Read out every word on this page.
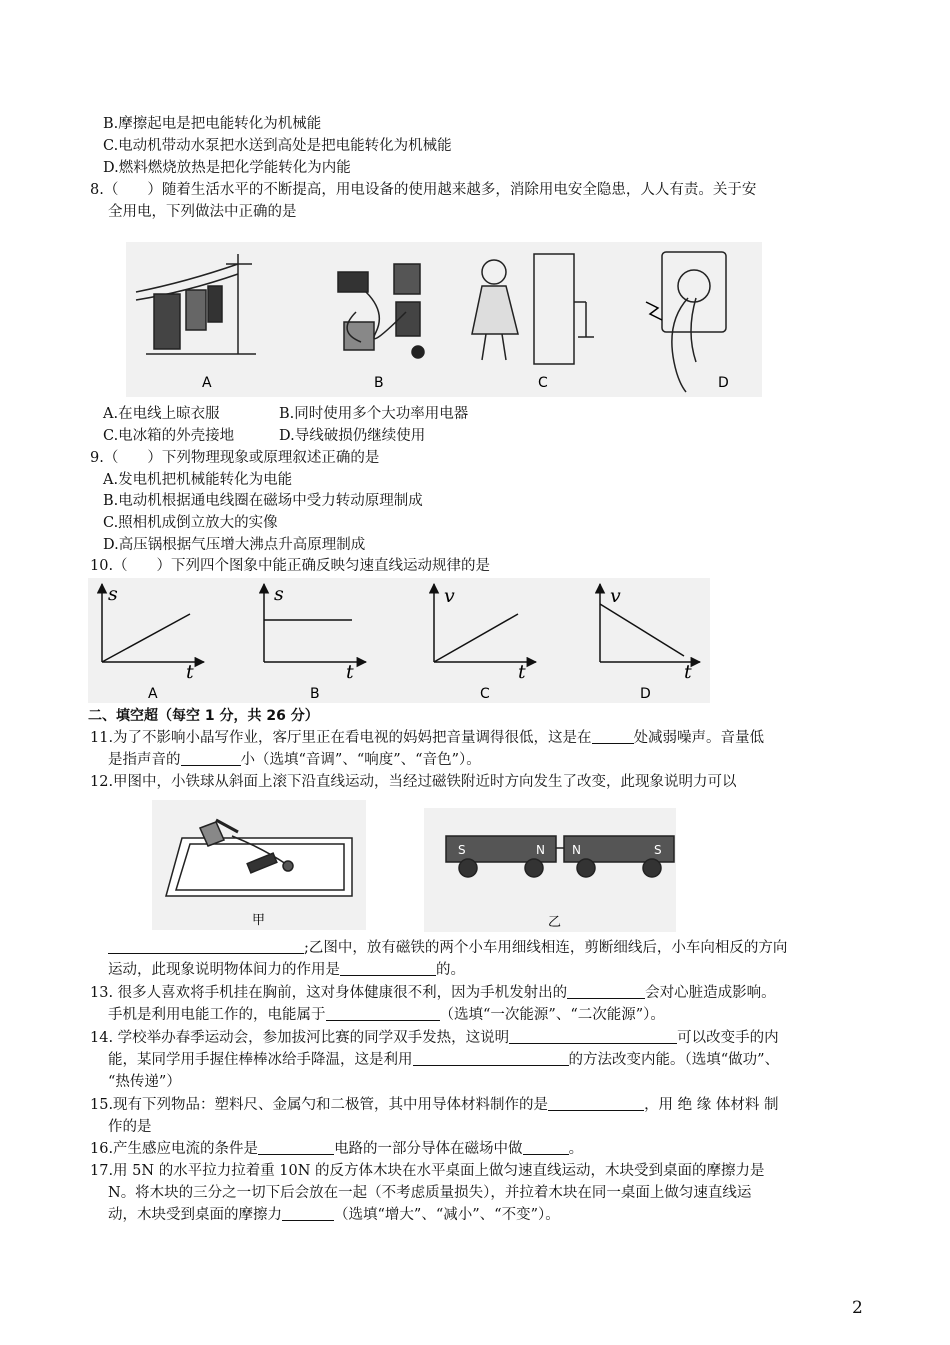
B.摩擦起电是把电能转化为机械能
C.电动机带动水泵把水送到高处是把电能转化为机械能
D.燃料燃烧放热是把化学能转化为内能
8.（　　）随着生活水平的不断提高，用电设备的使用越来越多，消除用电安全隐患，人人有责。关于安
全用电，下列做法中正确的是
A	B	C	D
A.在电线上晾衣服	B.同时使用多个大功率用电器
C.电冰箱的外壳接地	D.导线破损仍继续使用
9.（　　）下列物理现象或原理叙述正确的是
A.发电机把机械能转化为电能
B.电动机根据通电线圈在磁场中受力转动原理制成
C.照相机成倒立放大的实像
D.高压锅根据气压增大沸点升高原理制成
10.（　　）下列四个图象中能正确反映匀速直线运动规律的是
s
t
A
s
t
B
v
t
C
v
t
D
二、填空超（每空 1 分，共 26 分）
11.为了不影响小晶写作业，客厅里正在看电视的妈妈把音量调得很低，这是在	处减弱噪声。音量低
是指声音的	小（选填“音调”、“响度”、“音色”）。
12.甲图中，小铁球从斜面上滚下沿直线运动，当经过磁铁附近时方向发生了改变，此现象说明力可以
甲
S	N N	S
乙
;乙图中，放有磁铁的两个小车用细线相连，剪断细线后，小车向相反的方向
运动，此现象说明物体间力的作用是	的。
13. 很多人喜欢将手机挂在胸前，这对身体健康很不利，因为手机发射出的	会对心脏造成影响。
手机是利用电能工作的，电能属于	（选填“一次能源”、“二次能源”）。
14. 学校举办春季运动会，参加拔河比赛的同学双手发热，这说明	可以改变手的内
能，某同学用手握住棒棒冰给手降温，这是利用	的方法改变内能。（选填“做功”、
“热传递”）
15.现有下列物品：塑料尺、金属勺和二极管，其中用导体材料制作的是	，用 绝 缘 体材料 制
作的是
16.产生感应电流的条件是	电路的一部分导体在磁场中做	。
17.用 5N 的水平拉力拉着重 10N 的反方体木块在水平桌面上做匀速直线运动，木块受到桌面的摩擦力是
N。将木块的三分之一切下后会放在一起（不考虑质量损失），并拉着木块在同一桌面上做匀速直线运
动，木块受到桌面的摩擦力	（选填“增大”、“减小”、“不变”）。
2
